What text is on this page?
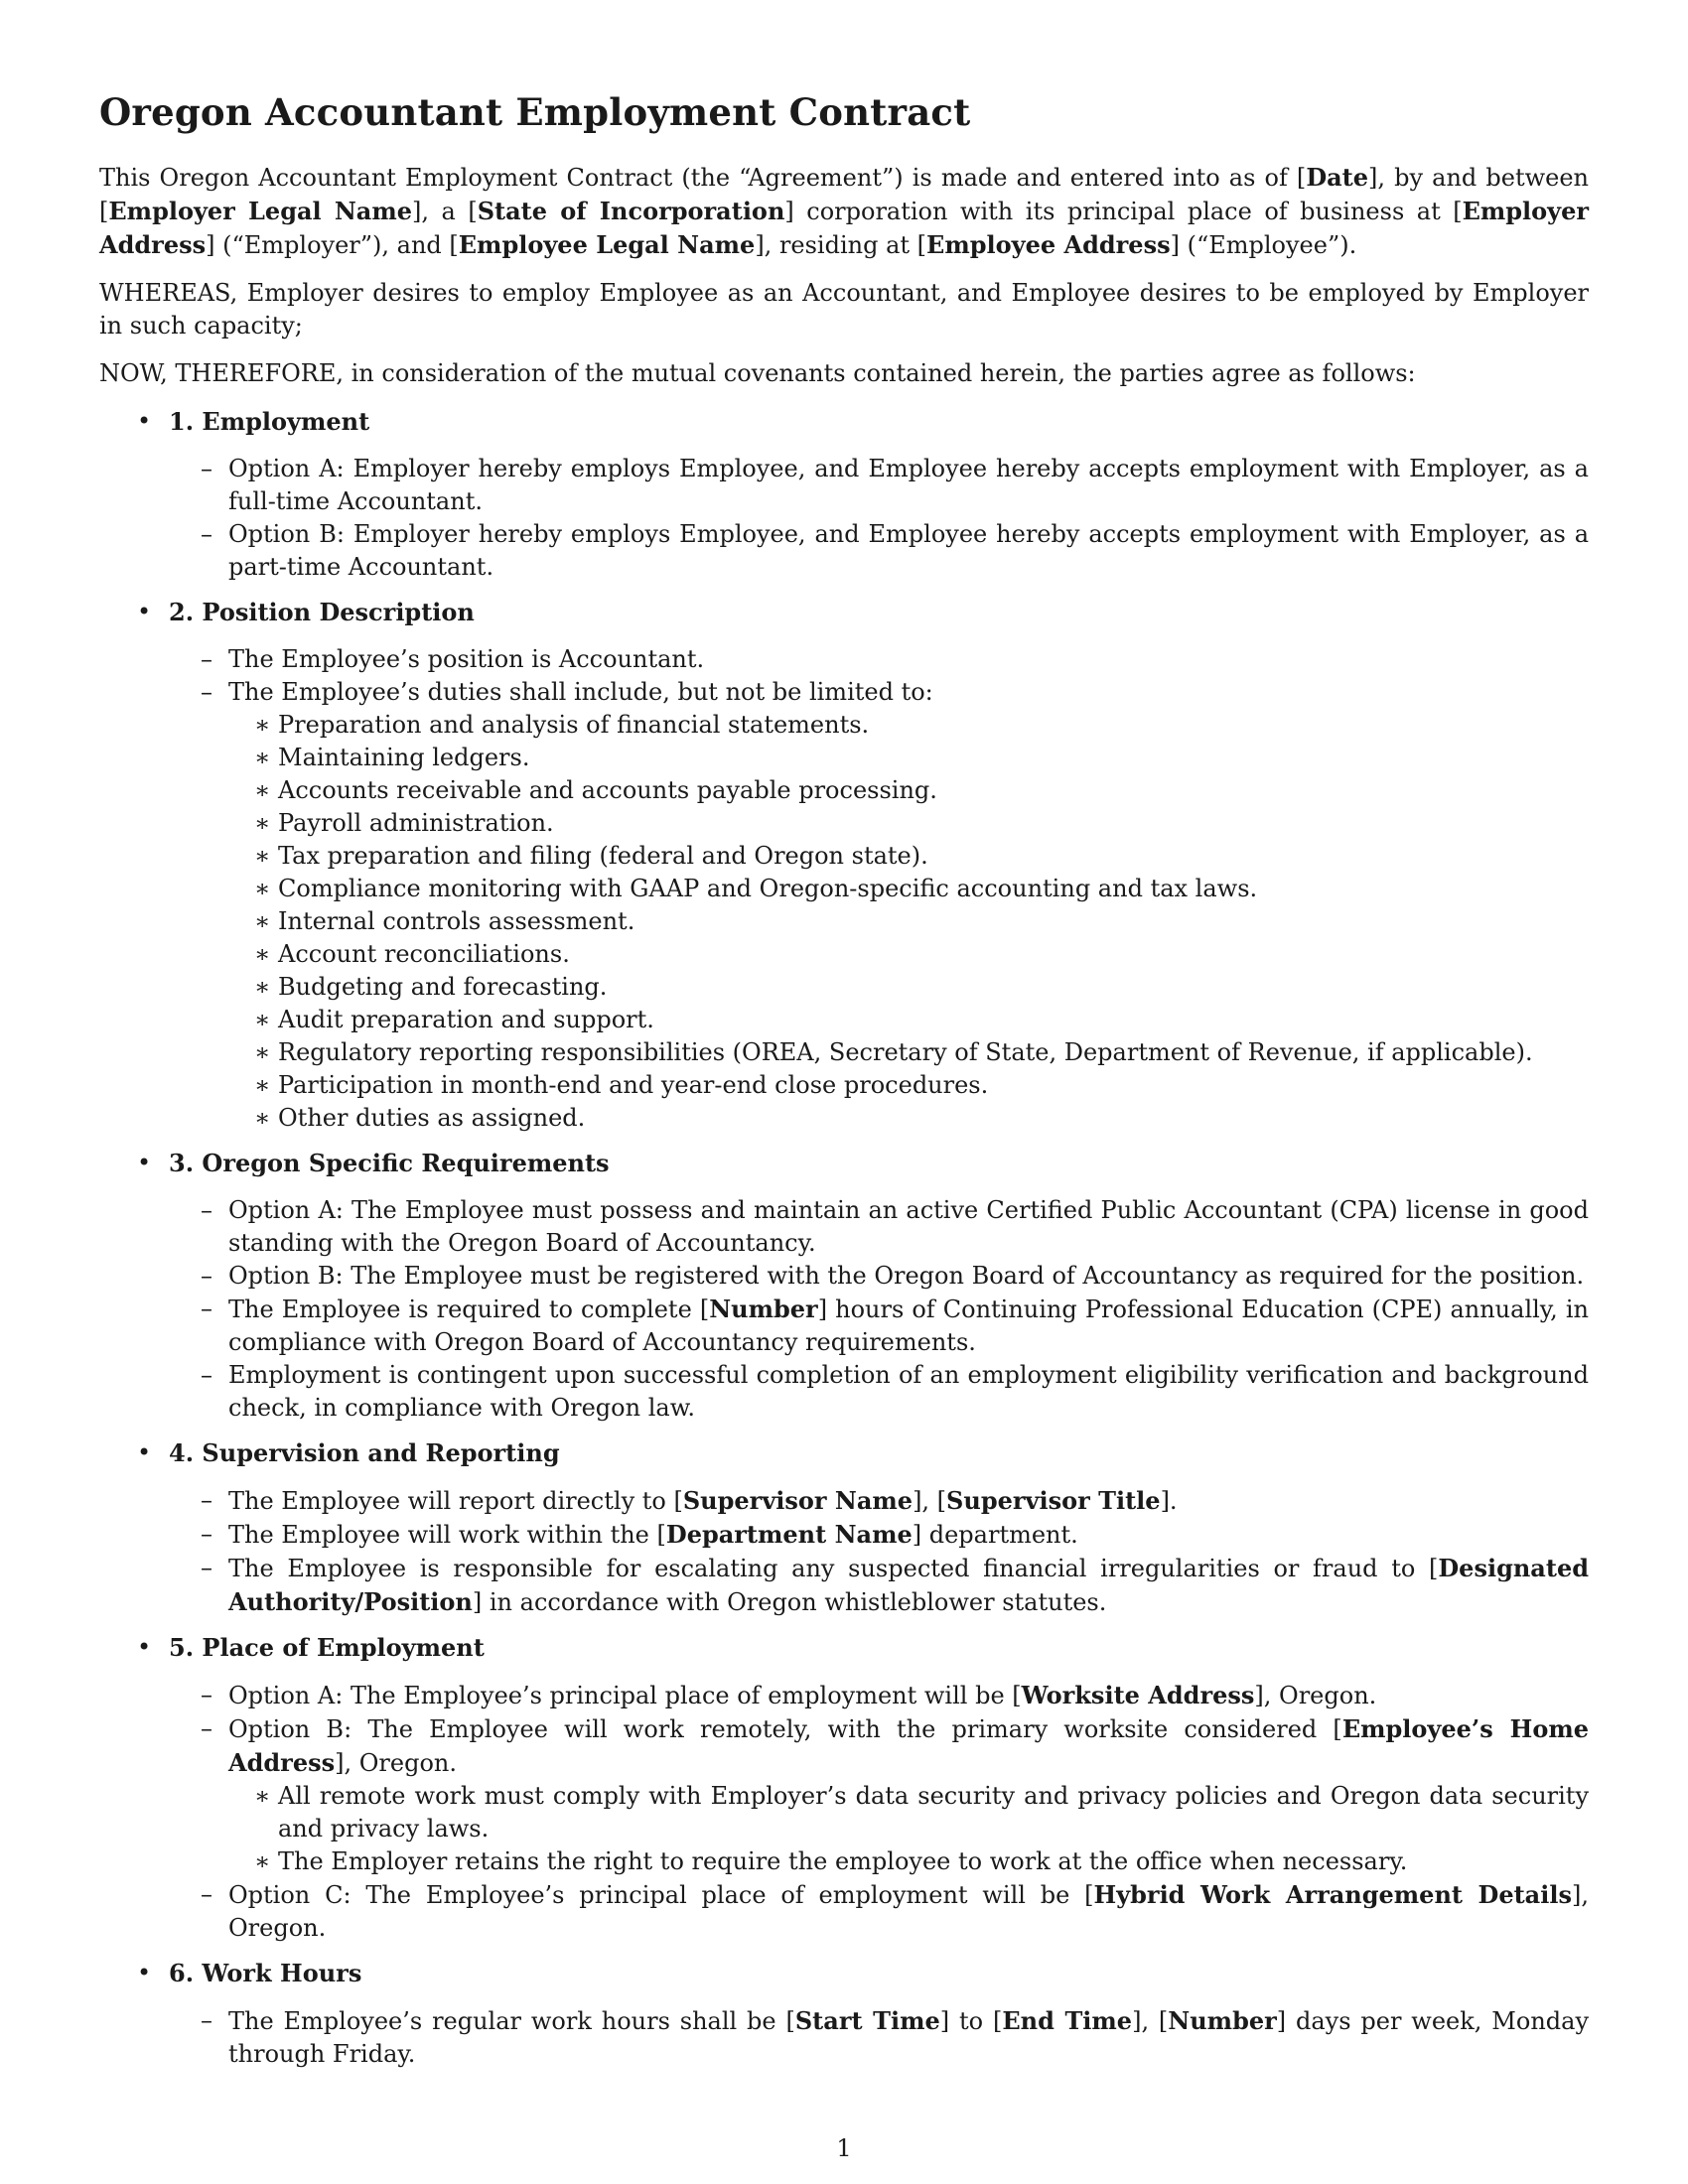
Oregon Accountant Employment Contract

This Oregon Accountant Employment Contract (the “Agreement”) is made and entered into as of [Date], by and between [Employer Legal Name], a [State of Incorporation] corporation with its principal place of business at [Employer Address] (“Employer”), and [Employee Legal Name], residing at [Employee Address] (“Employee”).

WHEREAS, Employer desires to employ Employee as an Accountant, and Employee desires to be employed by Employer in such capacity;

NOW, THEREFORE, in consideration of the mutual covenants contained herein, the parties agree as follows:

• 1. Employment
– Option A: Employer hereby employs Employee, and Employee hereby accepts employment with Employer, as a full-time Accountant.
– Option B: Employer hereby employs Employee, and Employee hereby accepts employment with Employer, as a part-time Accountant.
• 2. Position Description
– The Employee’s position is Accountant.
– The Employee’s duties shall include, but not be limited to:
∗ Preparation and analysis of financial statements.
∗ Maintaining ledgers.
∗ Accounts receivable and accounts payable processing.
∗ Payroll administration.
∗ Tax preparation and filing (federal and Oregon state).
∗ Compliance monitoring with GAAP and Oregon-specific accounting and tax laws.
∗ Internal controls assessment.
∗ Account reconciliations.
∗ Budgeting and forecasting.
∗ Audit preparation and support.
∗ Regulatory reporting responsibilities (OREA, Secretary of State, Department of Revenue, if applicable).
∗ Participation in month-end and year-end close procedures.
∗ Other duties as assigned.
• 3. Oregon Specific Requirements
– Option A: The Employee must possess and maintain an active Certified Public Accountant (CPA) license in good standing with the Oregon Board of Accountancy.
– Option B: The Employee must be registered with the Oregon Board of Accountancy as required for the position.
– The Employee is required to complete [Number] hours of Continuing Professional Education (CPE) annually, in compliance with Oregon Board of Accountancy requirements.
– Employment is contingent upon successful completion of an employment eligibility verification and background check, in compliance with Oregon law.
• 4. Supervision and Reporting
– The Employee will report directly to [Supervisor Name], [Supervisor Title].
– The Employee will work within the [Department Name] department.
– The Employee is responsible for escalating any suspected financial irregularities or fraud to [Designated Authority/Position] in accordance with Oregon whistleblower statutes.
• 5. Place of Employment
– Option A: The Employee’s principal place of employment will be [Worksite Address], Oregon.
– Option B: The Employee will work remotely, with the primary worksite considered [Employee’s Home Address], Oregon.
∗ All remote work must comply with Employer’s data security and privacy policies and Oregon data security and privacy laws.
∗ The Employer retains the right to require the employee to work at the office when necessary.
– Option C: The Employee’s principal place of employment will be [Hybrid Work Arrangement Details], Oregon.
• 6. Work Hours
– The Employee’s regular work hours shall be [Start Time] to [End Time], [Number] days per week, Monday through Friday.
1
